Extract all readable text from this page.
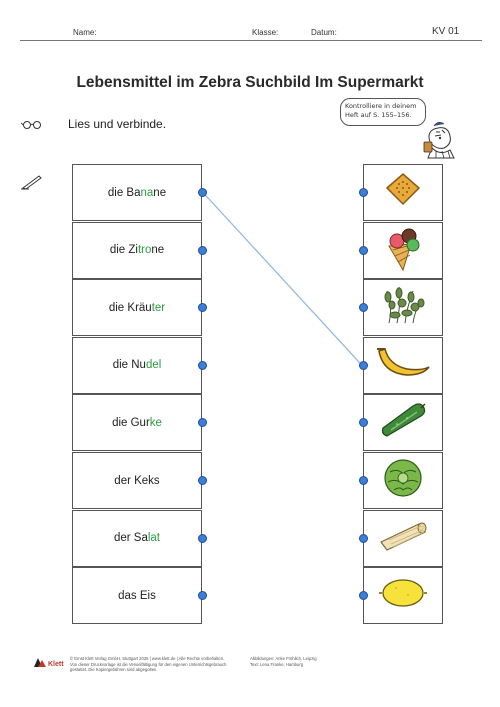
Name:	Klasse:	Datum:	KV 01
Lebensmittel im Zebra Suchbild Im Supermarkt
Lies und verbinde.
Kontrolliere in deinem
Heft auf S. 155–156.
die Ba na ne
die Zi tro ne
die Kräu ter
die Nu del
die Gur ke
der Keks
der Sa lat
das Eis
Klett
© Ernst Klett Verlag GmbH, Stuttgart 2025 | www.klett.de | Alle Rechte vorbehalten. Von dieser Druckvorlage ist die Vervielfältigung für den eigenen Unterrichtsgebrauch gestattet. Die Kopiergebühren sind abgegolten.
Abbildungen: Anke Fröhlich, Leipzig
Text: Lena Franke, Hamburg
